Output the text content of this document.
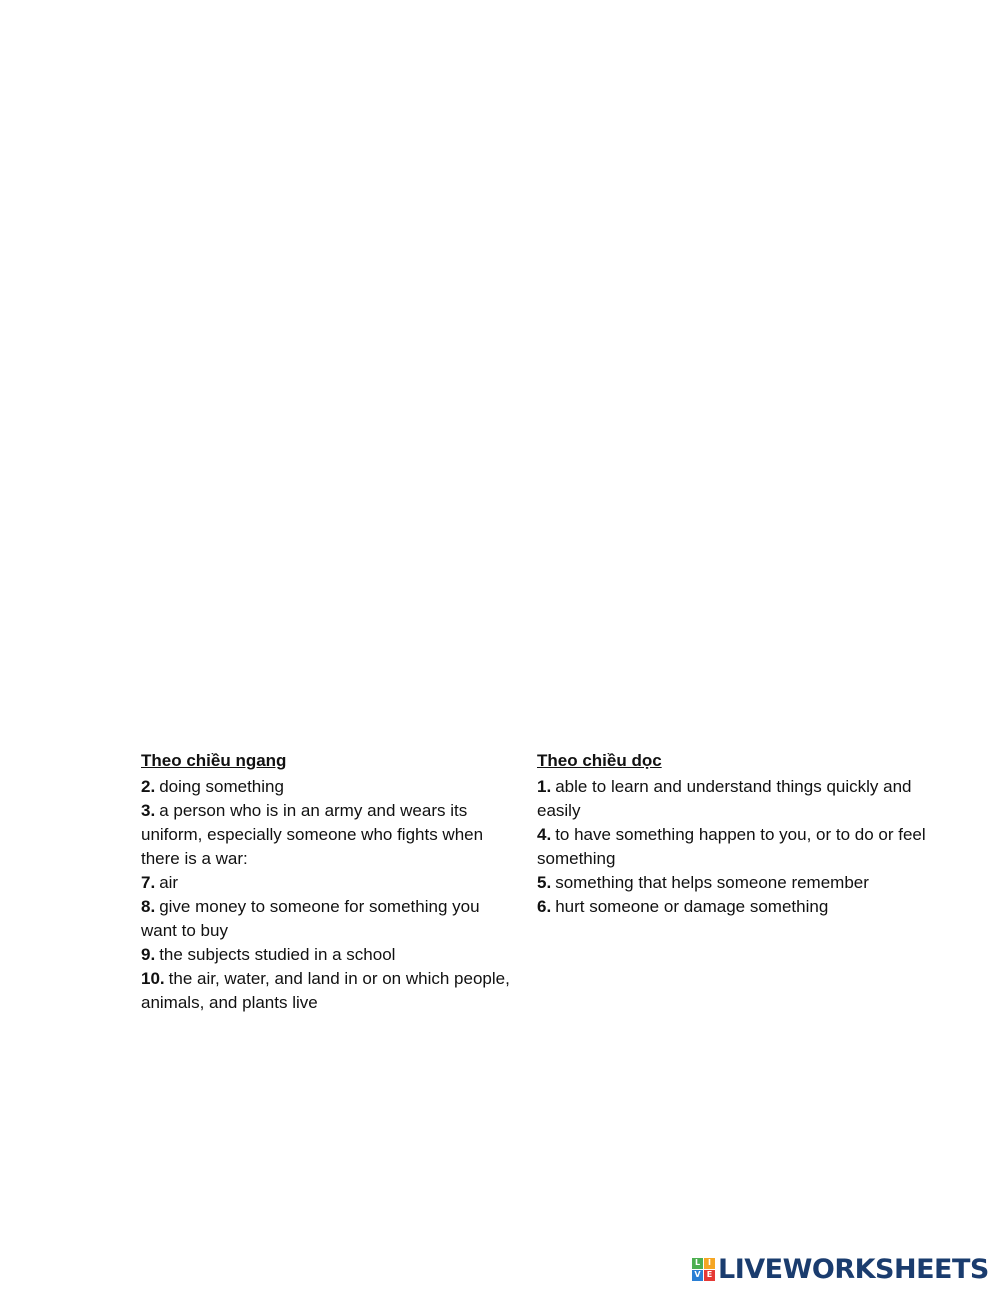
Theo chiều ngang

2. doing something

3. a person who is in an army and wears its uniform, especially someone who fights when there is a war:

7. air

8. give money to someone for something you want to buy

9. the subjects studied in a school

10. the air, water, and land in or on which people, animals, and plants live

Theo chiều dọc

1. able to learn and understand things quickly and easily

4. to have something happen to you, or to do or feel something

5. something that helps someone remember

6. hurt someone or damage something

L I
V E LIVEWORKSHEETS
